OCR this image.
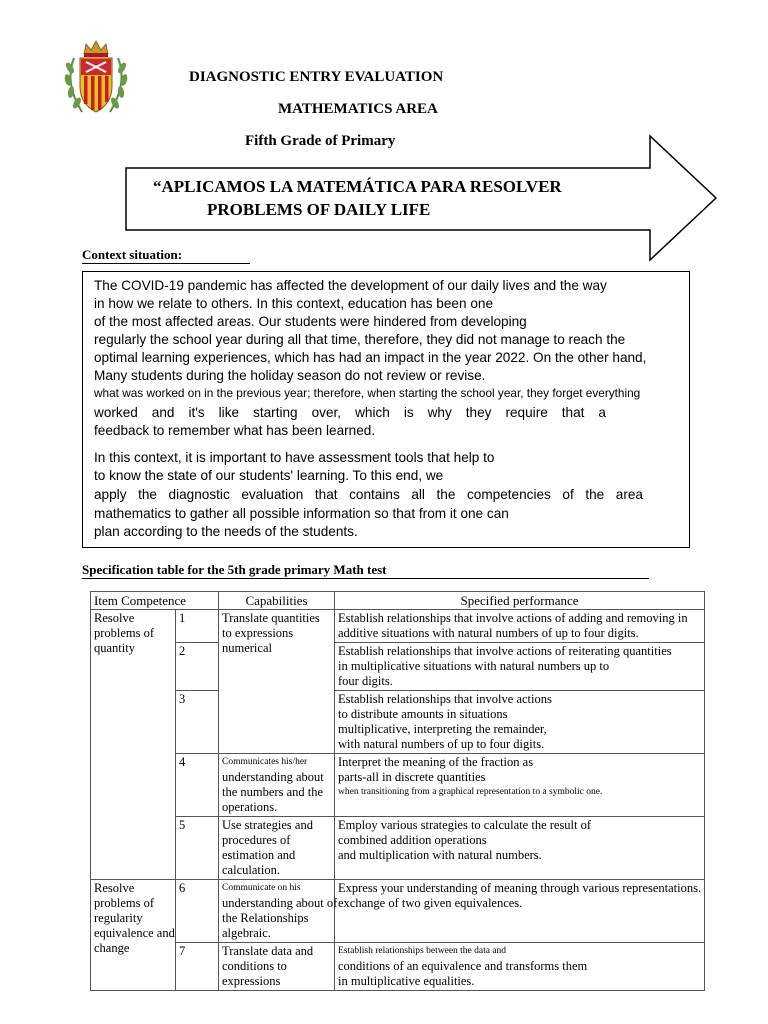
DIAGNOSTIC ENTRY EVALUATION
MATHEMATICS AREA
Fifth Grade of Primary
“APLICAMOS LA MATEMÁTICA PARA RESOLVER
PROBLEMS OF DAILY LIFE
Context situation:
The COVID-19 pandemic has affected the development of our daily lives and the way
in how we relate to others. In this context, education has been one
of the most affected areas. Our students were hindered from developing
regularly the school year during all that time, therefore, they did not manage to reach the
optimal learning experiences, which has had an impact in the year 2022. On the other hand,
Many students during the holiday season do not review or revise.
what was worked on in the previous year; therefore, when starting the school year, they forget everything
worked and it's like starting over, which is why they require that a
feedback to remember what has been learned.
In this context, it is important to have assessment tools that help to
to know the state of our students' learning. To this end, we
apply the diagnostic evaluation that contains all the competencies of the area
mathematics to gather all possible information so that from it one can
plan according to the needs of the students.
Specification table for the 5th grade primary Math test
Item Competence		Capabilities	Specified performance

Resolve
problems of
quantity	1	Translate quantities
to expressions
numerical	Establish relationships that involve actions of adding and removing in
additive situations with natural numbers of up to four digits.

	2		Establish relationships that involve actions of reiterating quantities
in multiplicative situations with natural numbers up to
four digits.

	3		Establish relationships that involve actions
to distribute amounts in situations
multiplicative, interpreting the remainder,
with natural numbers of up to four digits.

	4	Communicates his/her
understanding about
the numbers and the
operations.	Interpret the meaning of the fraction as
parts-all in discrete quantities
when transitioning from a graphical representation to a symbolic one.

	5	Use strategies and
procedures of
estimation and
calculation.	Employ various strategies to calculate the result of
combined addition operations
and multiplication with natural numbers.

Resolve
problems of
regularity
equivalence and
change	6	Communicate on his
understanding about of
the Relationships
algebraic.	Express your understanding of meaning through various representations.
exchange of two given equivalences.

	7	Translate data and
conditions to
expressions	Establish relationships between the data and
conditions of an equivalence and transforms them
in multiplicative equalities.
